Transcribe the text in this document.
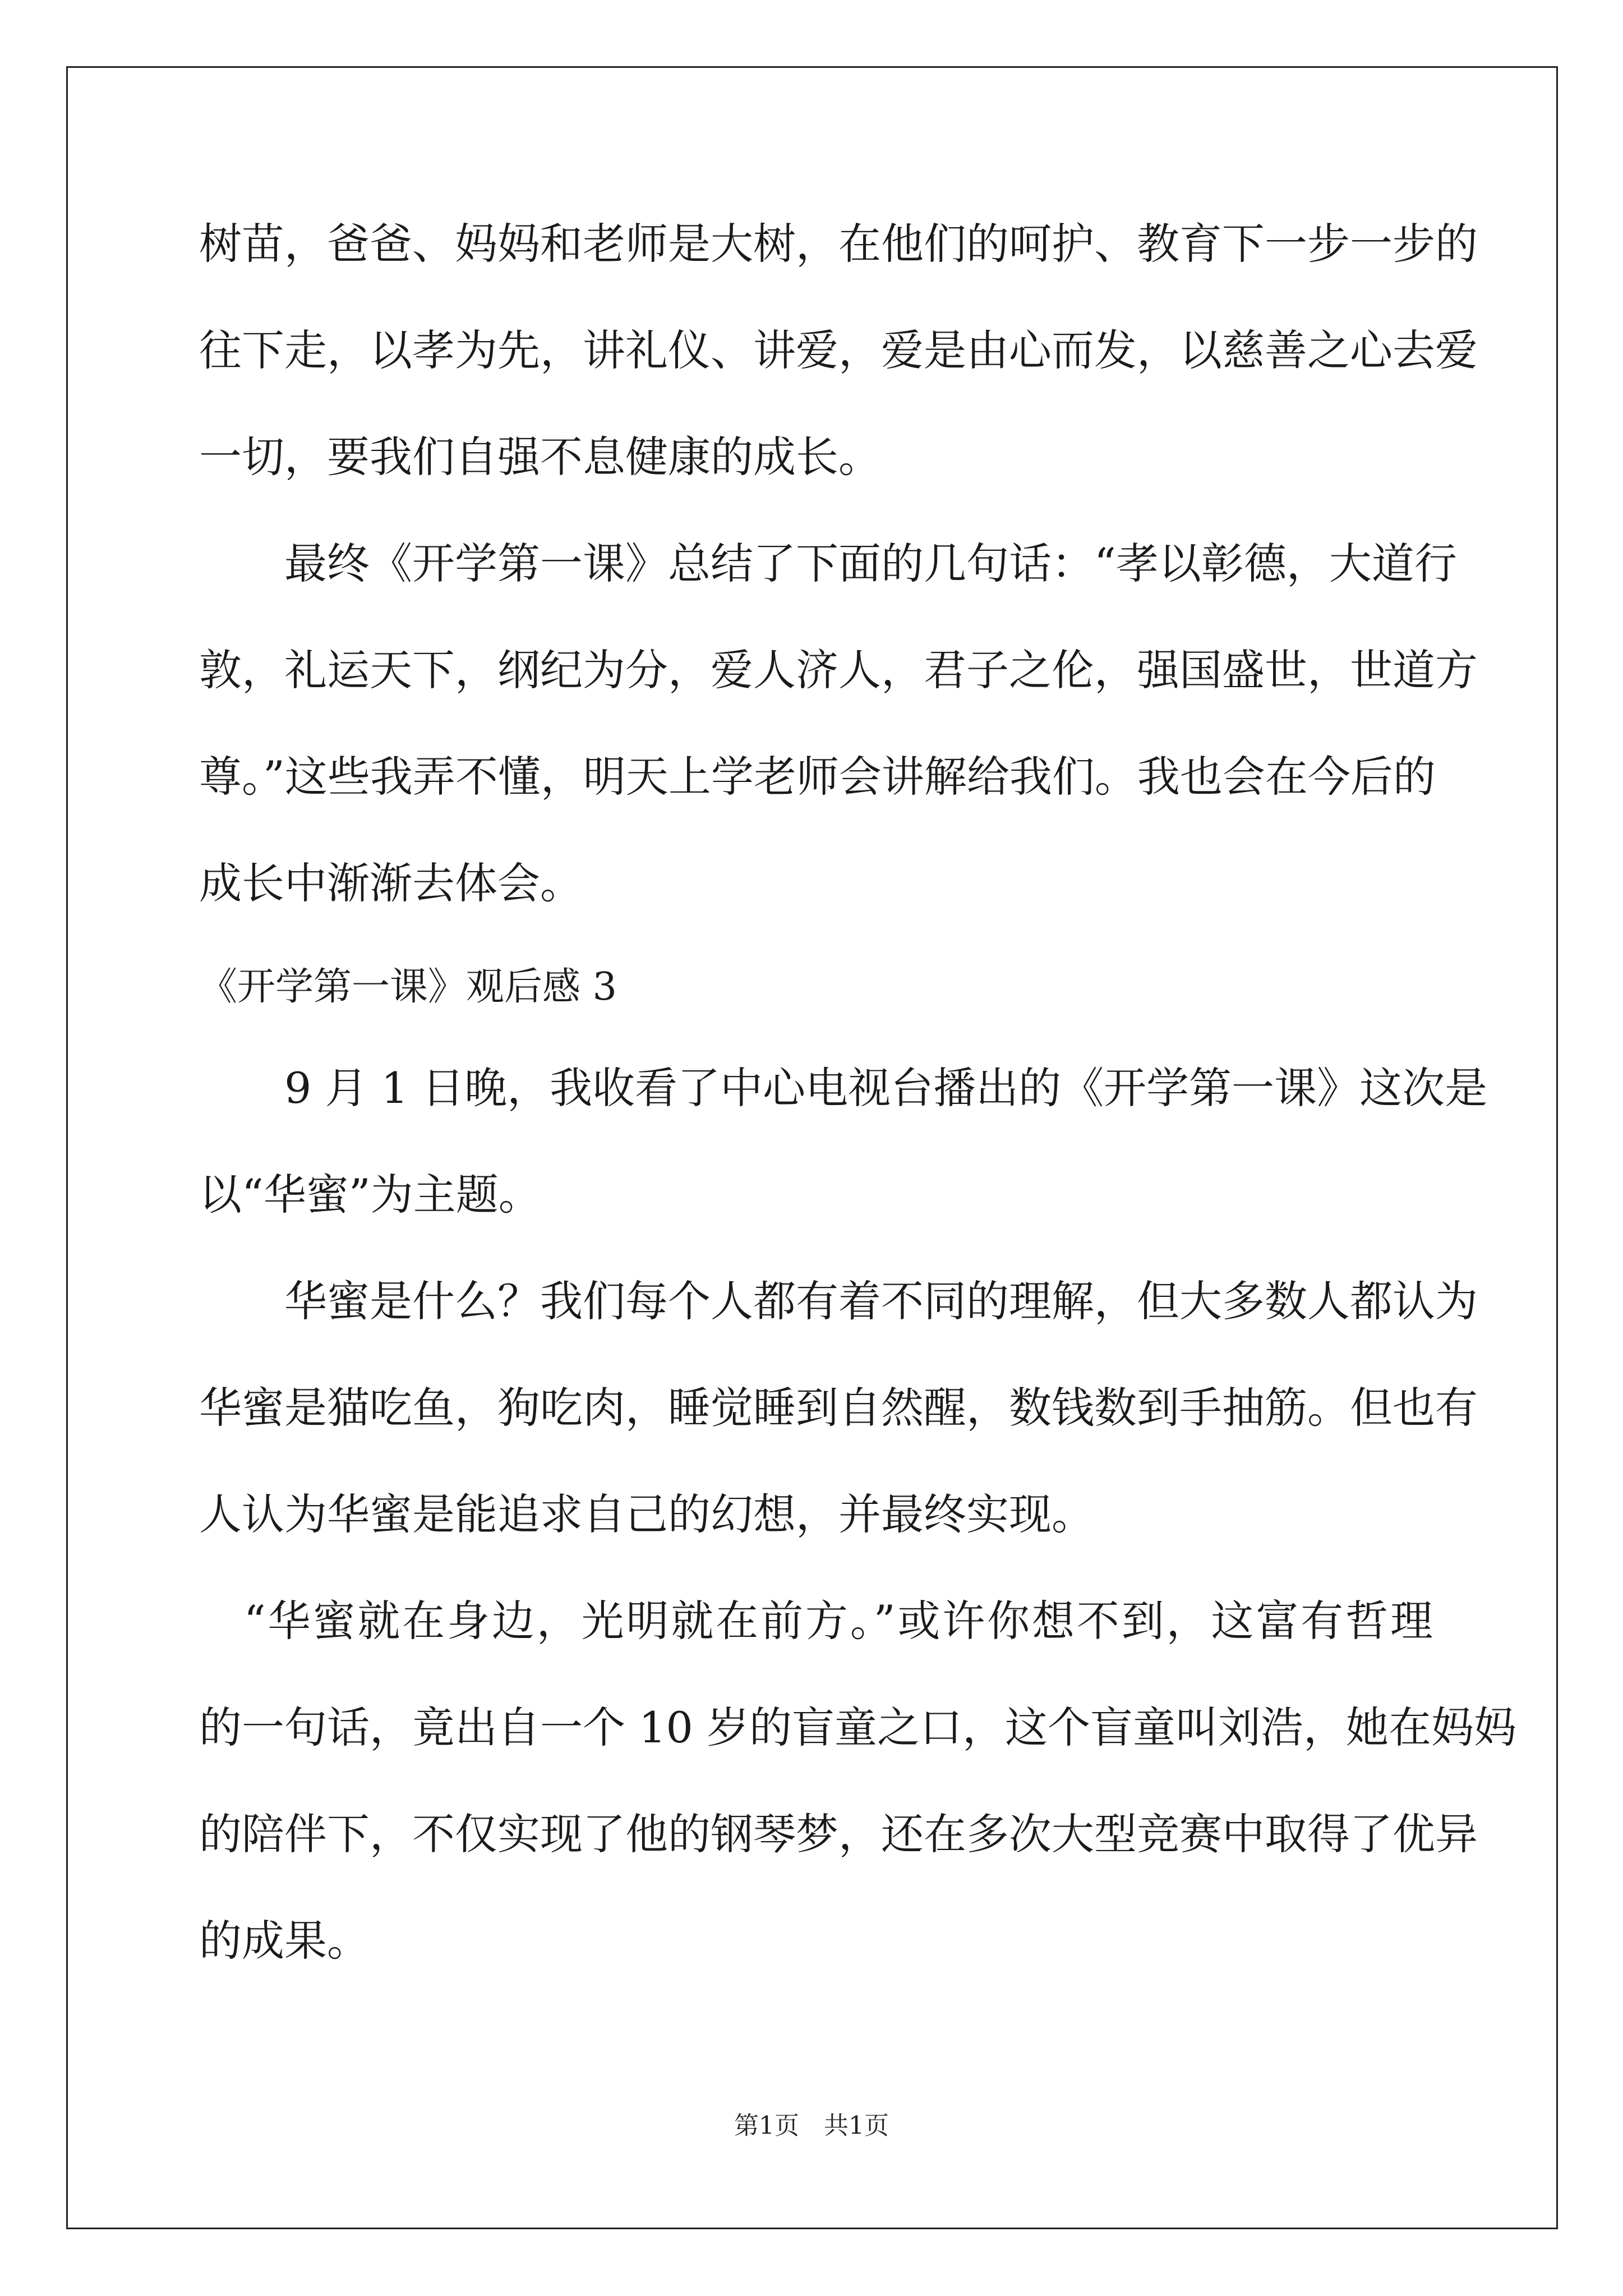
树苗，爸爸、妈妈和老师是大树，在他们的呵护、教育下一步一步的
往下走，以孝为先，讲礼仪、讲爱，爱是由心而发，以慈善之心去爱
一切，要我们自强不息健康的成长。
　　最终《开学第一课》总结了下面的几句话：“孝以彰德，大道行
敦，礼运天下，纲纪为分，爱人济人，君子之伦，强国盛世，世道方
尊。”这些我弄不懂，明天上学老师会讲解给我们。我也会在今后的
成长中渐渐去体会。
《开学第一课》观后感 3
　　9 月 1 日晚，我收看了中心电视台播出的《开学第一课》这次是
以“华蜜”为主题。
　　华蜜是什么？我们每个人都有着不同的理解，但大多数人都认为
华蜜是猫吃鱼，狗吃肉，睡觉睡到自然醒，数钱数到手抽筋。但也有
人认为华蜜是能追求自己的幻想，并最终实现。
　“华蜜就在身边，光明就在前方。”或许你想不到，这富有哲理
的一句话，竟出自一个 10 岁的盲童之口，这个盲童叫刘浩，她在妈妈
的陪伴下，不仅实现了他的钢琴梦，还在多次大型竞赛中取得了优异
的成果。
第1页　共1页
